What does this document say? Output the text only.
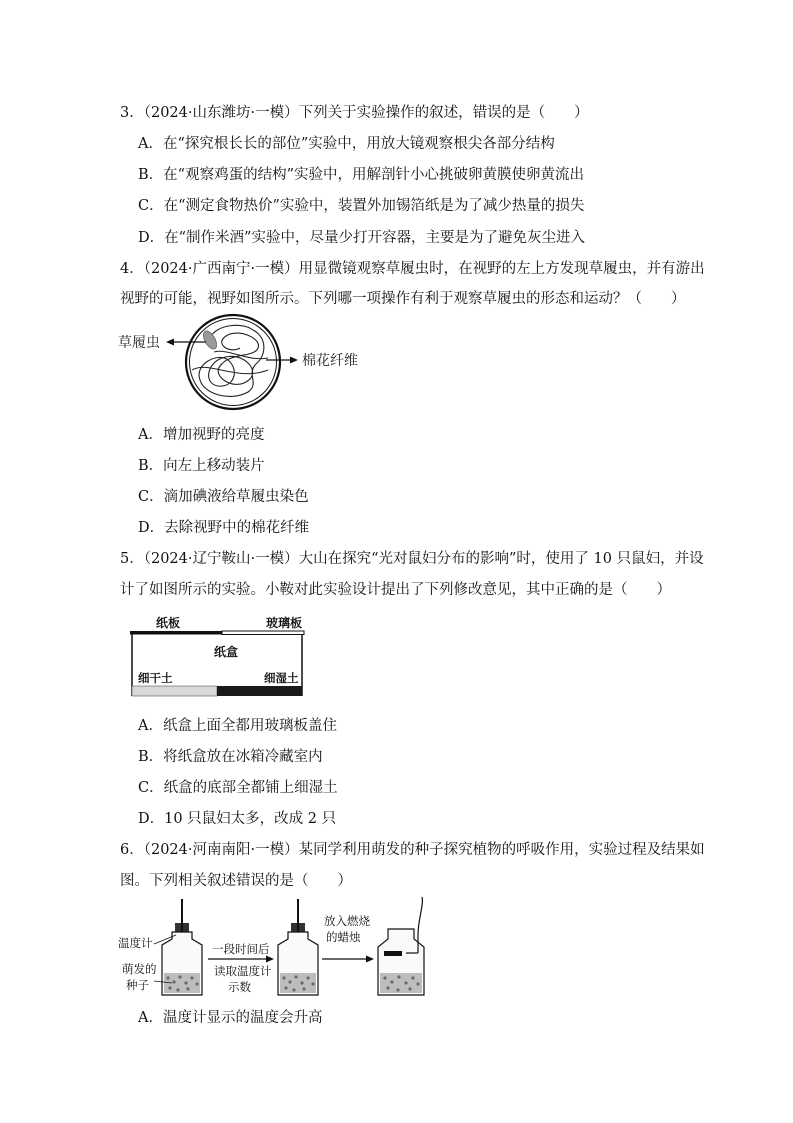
3．（2024·山东潍坊·一模）下列关于实验操作的叙述，错误的是（　　）
A．在“探究根长长的部位”实验中，用放大镜观察根尖各部分结构
B．在“观察鸡蛋的结构”实验中，用解剖针小心挑破卵黄膜使卵黄流出
C．在“测定食物热价”实验中，装置外加锡箔纸是为了减少热量的损失
D．在“制作米酒”实验中，尽量少打开容器，主要是为了避免灰尘进入
4．（2024·广西南宁·一模）用显微镜观察草履虫时，在视野的左上方发现草履虫，并有游出
视野的可能，视野如图所示。下列哪一项操作有利于观察草履虫的形态和运动？（　　）
草履虫
棉花纤维
A．增加视野的亮度
B．向左上移动装片
C．滴加碘液给草履虫染色
D．去除视野中的棉花纤维
5．（2024·辽宁鞍山·一模）大山在探究“光对鼠妇分布的影响”时，使用了 10 只鼠妇，并设
计了如图所示的实验。小鞍对此实验设计提出了下列修改意见，其中正确的是（　　）
纸板	玻璃板
纸盒
细干土	细湿土
A．纸盒上面全都用玻璃板盖住
B．将纸盒放在冰箱冷藏室内
C．纸盒的底部全都铺上细湿土
D．10 只鼠妇太多，改成 2 只
6．（2024·河南南阳·一模）某同学利用萌发的种子探究植物的呼吸作用，实验过程及结果如
图。下列相关叙述错误的是（　　）
温度计
萌发的
种子
一段时间后
读取温度计
示数
放入燃烧
的蜡烛
A．温度计显示的温度会升高
